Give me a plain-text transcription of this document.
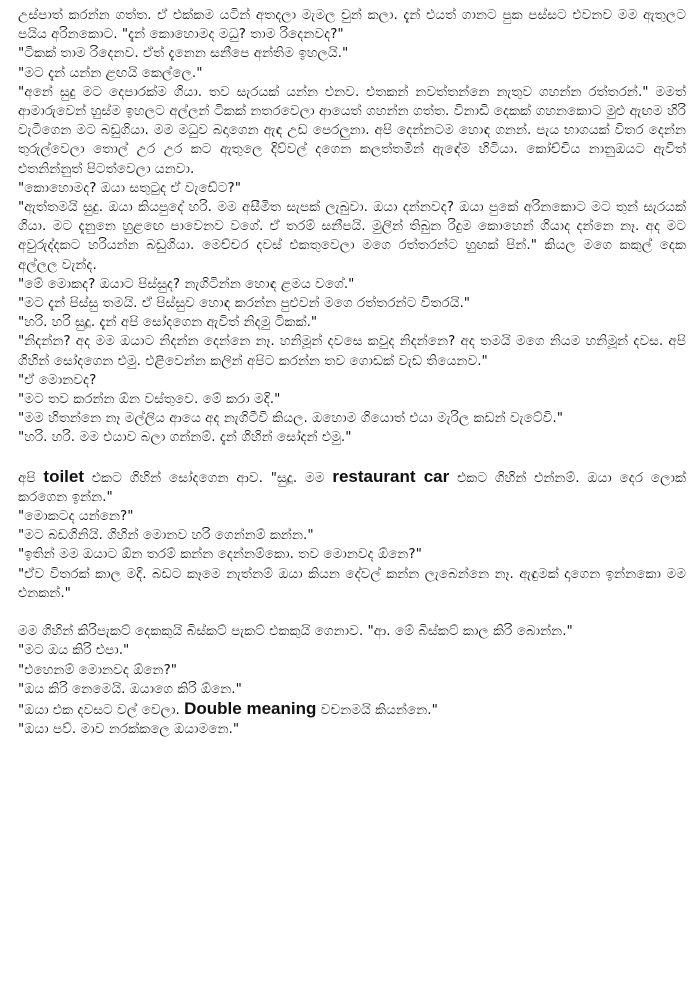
උස්පාත් කරන්න ගත්ත. ඒ එක්කම යටින් අතදලා මැමල චුන් කලා. දැන් එයත් ගානට පුක පස්සට එවනව මම ඇතුලට පයිය අරිනකොට. "දැන් කොහොමද මධු? තාම රිදෙනවද?"

"ටිකක් තාම රිදෙනව. ඒත් දැනෙන සනීපෙ අන්තිම ඉහලයි."

"මට දැන් යන්න ළඟයි කෙල්ලෙ."

"අනේ සුදු මට දෙපාරක්ම ගියා. තව සැරයක් යන්න එනව. එතකන් නවත්තන්නෙ නැතුව ගහන්න රත්තරන්." මමත් ආමාරුවෙන් හුස්ම ඉහලට අල්ලන් ටිකක් නතරවෙලා ආයෙත් ගහන්න ගත්ත. විනාඩි දෙකක් ගහනකොට මුළු ඇඟම හිරි වැටීගෙන මට බඩුගියා. මම මධුව බදාගෙන ඇඳ උඩ පෙරලුනා. අපි දෙන්නටම හොඳ ගනන්. පැය භාගයක් විතර දෙන්න තුරුල්වෙලා තොල් උර උර කට ඇතුලෙ දිව්වල් දගෙන කලත්තමින් ඇඳේම හිටියා. කෝච්චිය නානුඔයට ඇවිත් එතනින්නුත් පිටත්වෙලා යනවා.

"කොහොමද? ඔයා සතුටුද ඒ වැඩේට?"

"ඇත්තමයි සුදු. ඔයා කියපුදේ හරි. මම අසීමිත සැපක් ලැබුවා. ඔයා දන්නවද? ඔයා පුකේ අරිනකොට මට තුන් සැරයක් ගියා. මට දැනුනෙ හුළඟෙ පාවෙනව වගේ. ඒ තරම් සනීපයි. මුලින් තිබුන රිදුම කොහෙන් ගියාද දන්නෙ නෑ. අද මට අවුරුද්දකට හරියන්න බඩුගියා. මෙච්චර දවස් එකතුවෙලා මගෙ රත්තරන්ට හුඟක් පින්." කියල මගෙ කකුල් දෙක අල්ලල වැන්ද.

"මේ මොකද? ඔයාට පිස්සුද? නැගිටින්න හොඳ ළමය වගේ."

"මට දැන් පිස්සු තමයි. ඒ පිස්සුව හොඳ කරන්න පුළුවන් මගෙ රත්තරන්ට විතරයි."

"හරි. හරි සුදූ. දැන් අපි සෝදගෙන ඇවිත් නිදමු ටිකක්."

"නිදන්න? අද මම ඔයාට නිදන්න දෙන්නෙ නෑ. හනිමූන් දවසෙ කවුද නිදන්නෙ? අද තමයි මගෙ නියම හනිමූන් දවස. අපි ගිහින් සෝදගෙන එමු. එළිවෙන්න කලින් අපිට කරන්න තව ගොඩක් වැඩ තියෙනව."

"ඒ මොනවද?

"මට තව කරන්න ඕන වස්තුවෙ. මේ කරා මදි."

"මම හිතන්නෙ නෑ මල්ලිය ආයෙ අද නැගිටීවි කියල. ඔහොම ගියොත් එයා මැරිල කඩන් වැටේවි."

"හරි. හරි. මම එයාව බලා ගන්නම්. දැන් ගිහින් සෝදන් එමු."

අපි toilet එකට ගිහින් සෝදගෙන ආව. "සුදූ. මම restaurant car එකට ගිහින් එන්නම්. ඔයා දෙර ලොක් කරගෙන ඉන්න."

"මොකටද යන්නෙ?"

"මට බඩගිනියි. ගිහින් මොනව හරි ගෙන්නම් කන්න."

"ඉතින් මම ඔයාට ඕන තරම් කන්න දෙන්නම්කො. තව මොනවද ඕනෙ?"

"ඒව විතරක් කාල මදි. බඩට කෑමෙ නැත්නම් ඔයා කියන දේවල් කන්න ලැබෙන්නෙ නෑ. ඇඳුමක් දාගෙන ඉන්නකො මම එනකන්."

මම ගිහින් කිරිපැකට් දෙකකුයි බිස්කට් පැකට් එකකුයි ගෙනාව. "ආ. මේ බිස්කට් කාල කිරි බොන්න."

"මට ඔය කිරි එපා."

"එහෙනම් මොනවද ඕනෙ?"

"ඔය කිරි නෙමෙයි. ඔයාගෙ කිරි ඕනෙ."

"ඔයා එක දවසට වල් වෙලා. Double meaning වචනමයි කියන්නෙ."

"ඔයා පව්. මාව නරක්කලෙ ඔයාමනෙ."
